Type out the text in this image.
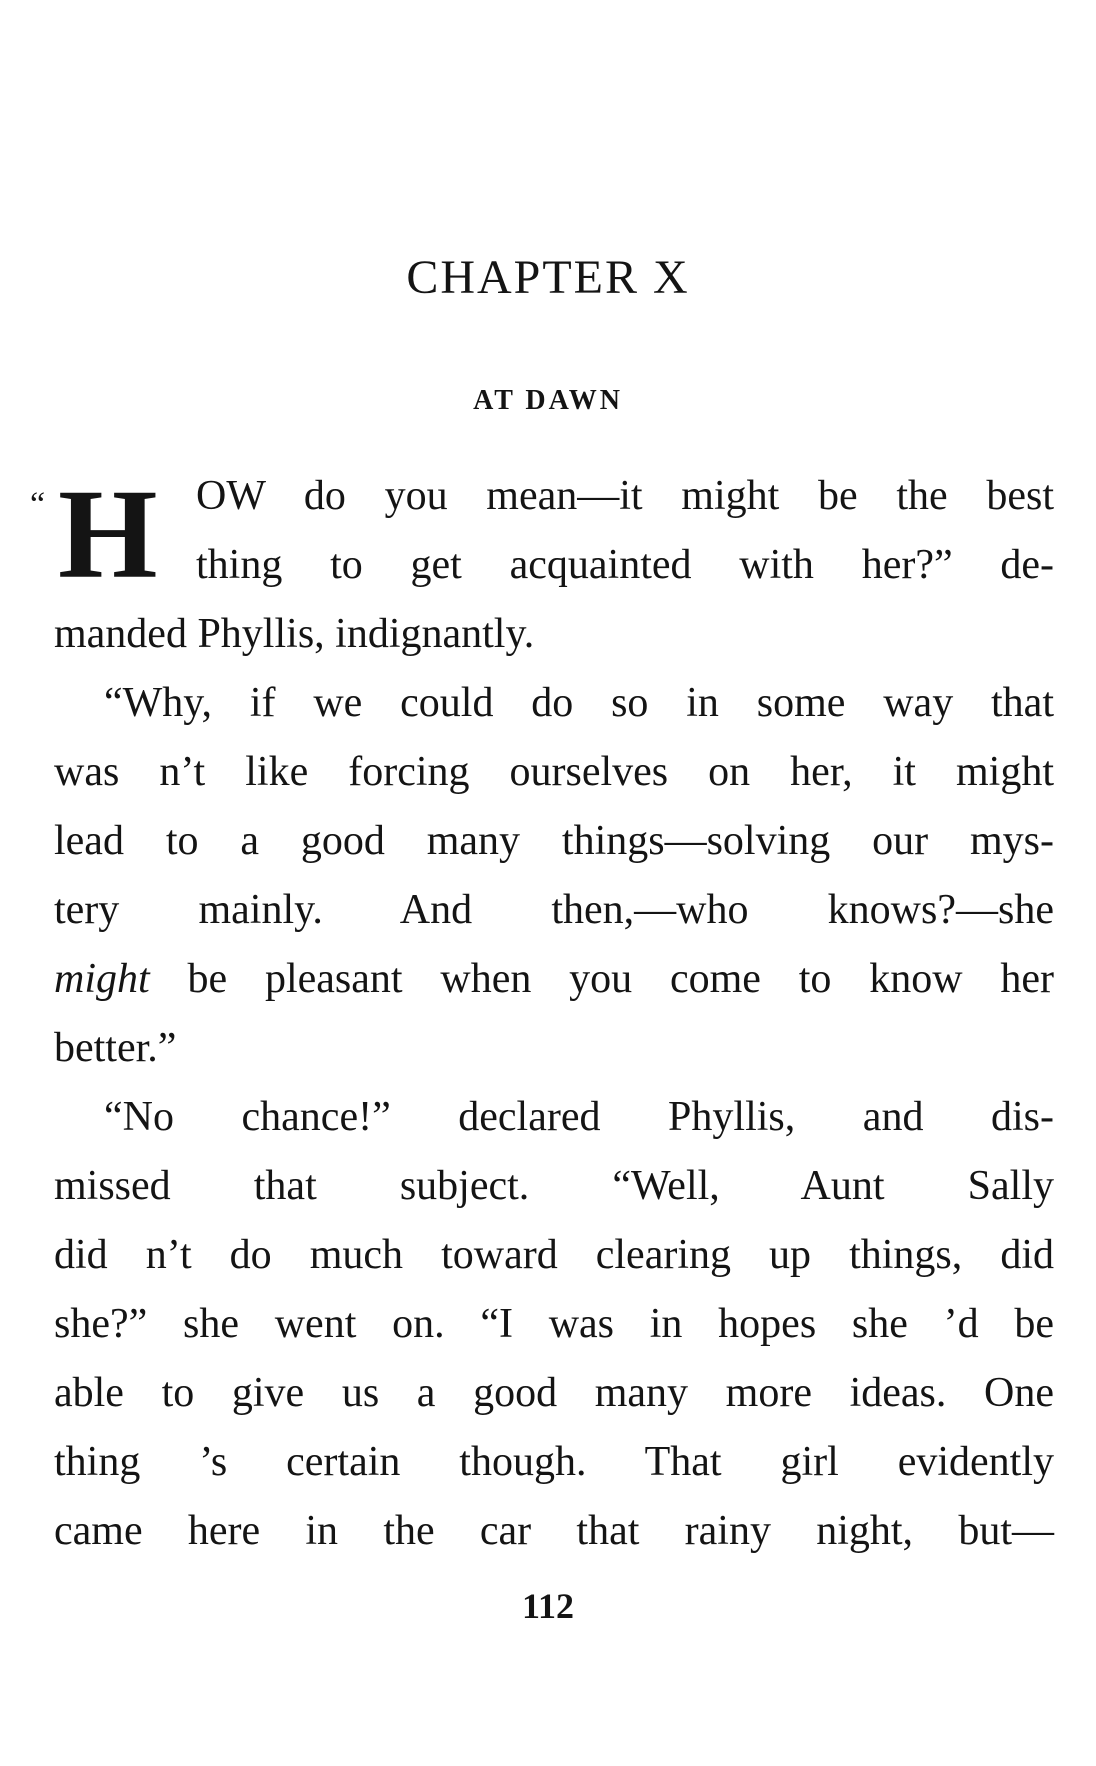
CHAPTER X
AT DAWN
“ H OW do you mean—it might be the best
thing to get acquainted with her?” de-
manded Phyllis, indignantly.
“Why, if we could do so in some way that
was n’t like forcing ourselves on her, it might
lead to a good many things—solving our mys-
tery mainly. And then,—who knows?—she
might be pleasant when you come to know her
better.”
“No chance!” declared Phyllis, and dis-
missed that subject. “Well, Aunt Sally
did n’t do much toward clearing up things, did
she?” she went on. “I was in hopes she ’d be
able to give us a good many more ideas. One
thing ’s certain though. That girl evidently
came here in the car that rainy night, but—

112
